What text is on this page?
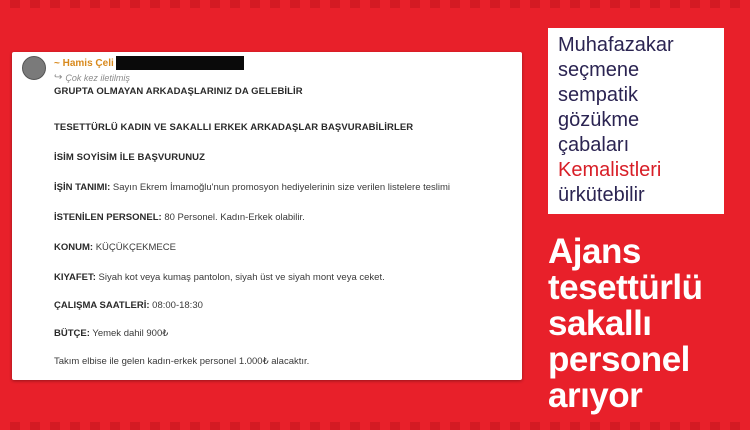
~ Hamis Çeli
↪ Çok kez iletilmiş
GRUPTA OLMAYAN ARKADAŞLARINIZ DA GELEBİLİR
TESETTÜRLÜ KADIN VE SAKALLI ERKEK ARKADAŞLAR BAŞVURABİLİRLER
İSİM SOYİSİM İLE BAŞVURUNUZ
İŞİN TANIMI: Sayın Ekrem İmamoğlu'nun promosyon hediyelerinin size verilen listelere teslimi
İSTENİLEN PERSONEL: 80 Personel. Kadın-Erkek olabilir.
KONUM: KÜÇÜKÇEKMECE
KIYAFET: Siyah kot veya kumaş pantolon, siyah üst ve siyah mont veya ceket.
ÇALIŞMA SAATLERİ: 08:00-18:30
BÜTÇE: Yemek dahil 900₺
Takım elbise ile gelen kadın-erkek personel 1.000₺ alacaktır.
Muhafazakar
seçmene
sempatik
gözükme
çabaları
Kemalistleri
ürkütebilir
Ajans
tesettürlü
sakallı
personel
arıyor
